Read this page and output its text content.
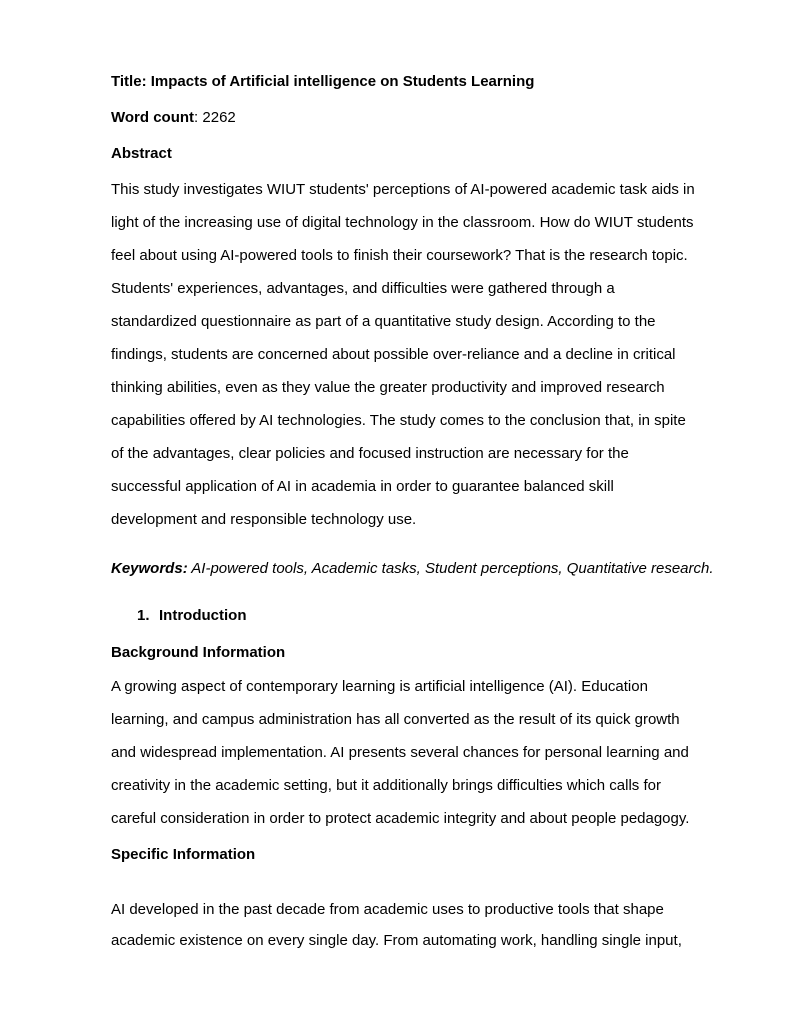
Title: Impacts of Artificial intelligence on Students Learning
Word count: 2262
Abstract
This study investigates WIUT students' perceptions of AI-powered academic task aids in
light of the increasing use of digital technology in the classroom. How do WIUT students
feel about using AI-powered tools to finish their coursework? That is the research topic.
Students' experiences, advantages, and difficulties were gathered through a
standardized questionnaire as part of a quantitative study design. According to the
findings, students are concerned about possible over-reliance and a decline in critical
thinking abilities, even as they value the greater productivity and improved research
capabilities offered by AI technologies. The study comes to the conclusion that, in spite
of the advantages, clear policies and focused instruction are necessary for the
successful application of AI in academia in order to guarantee balanced skill
development and responsible technology use.
Keywords: AI-powered tools, Academic tasks, Student perceptions, Quantitative research.
1. Introduction
Background Information
A growing aspect of contemporary learning is artificial intelligence (AI). Education
learning, and campus administration has all converted as the result of its quick growth
and widespread implementation. AI presents several chances for personal learning and
creativity in the academic setting, but it additionally brings difficulties which calls for
careful consideration in order to protect academic integrity and about people pedagogy.
Specific Information
AI developed in the past decade from academic uses to productive tools that shape
academic existence on every single day. From automating work, handling single input,
